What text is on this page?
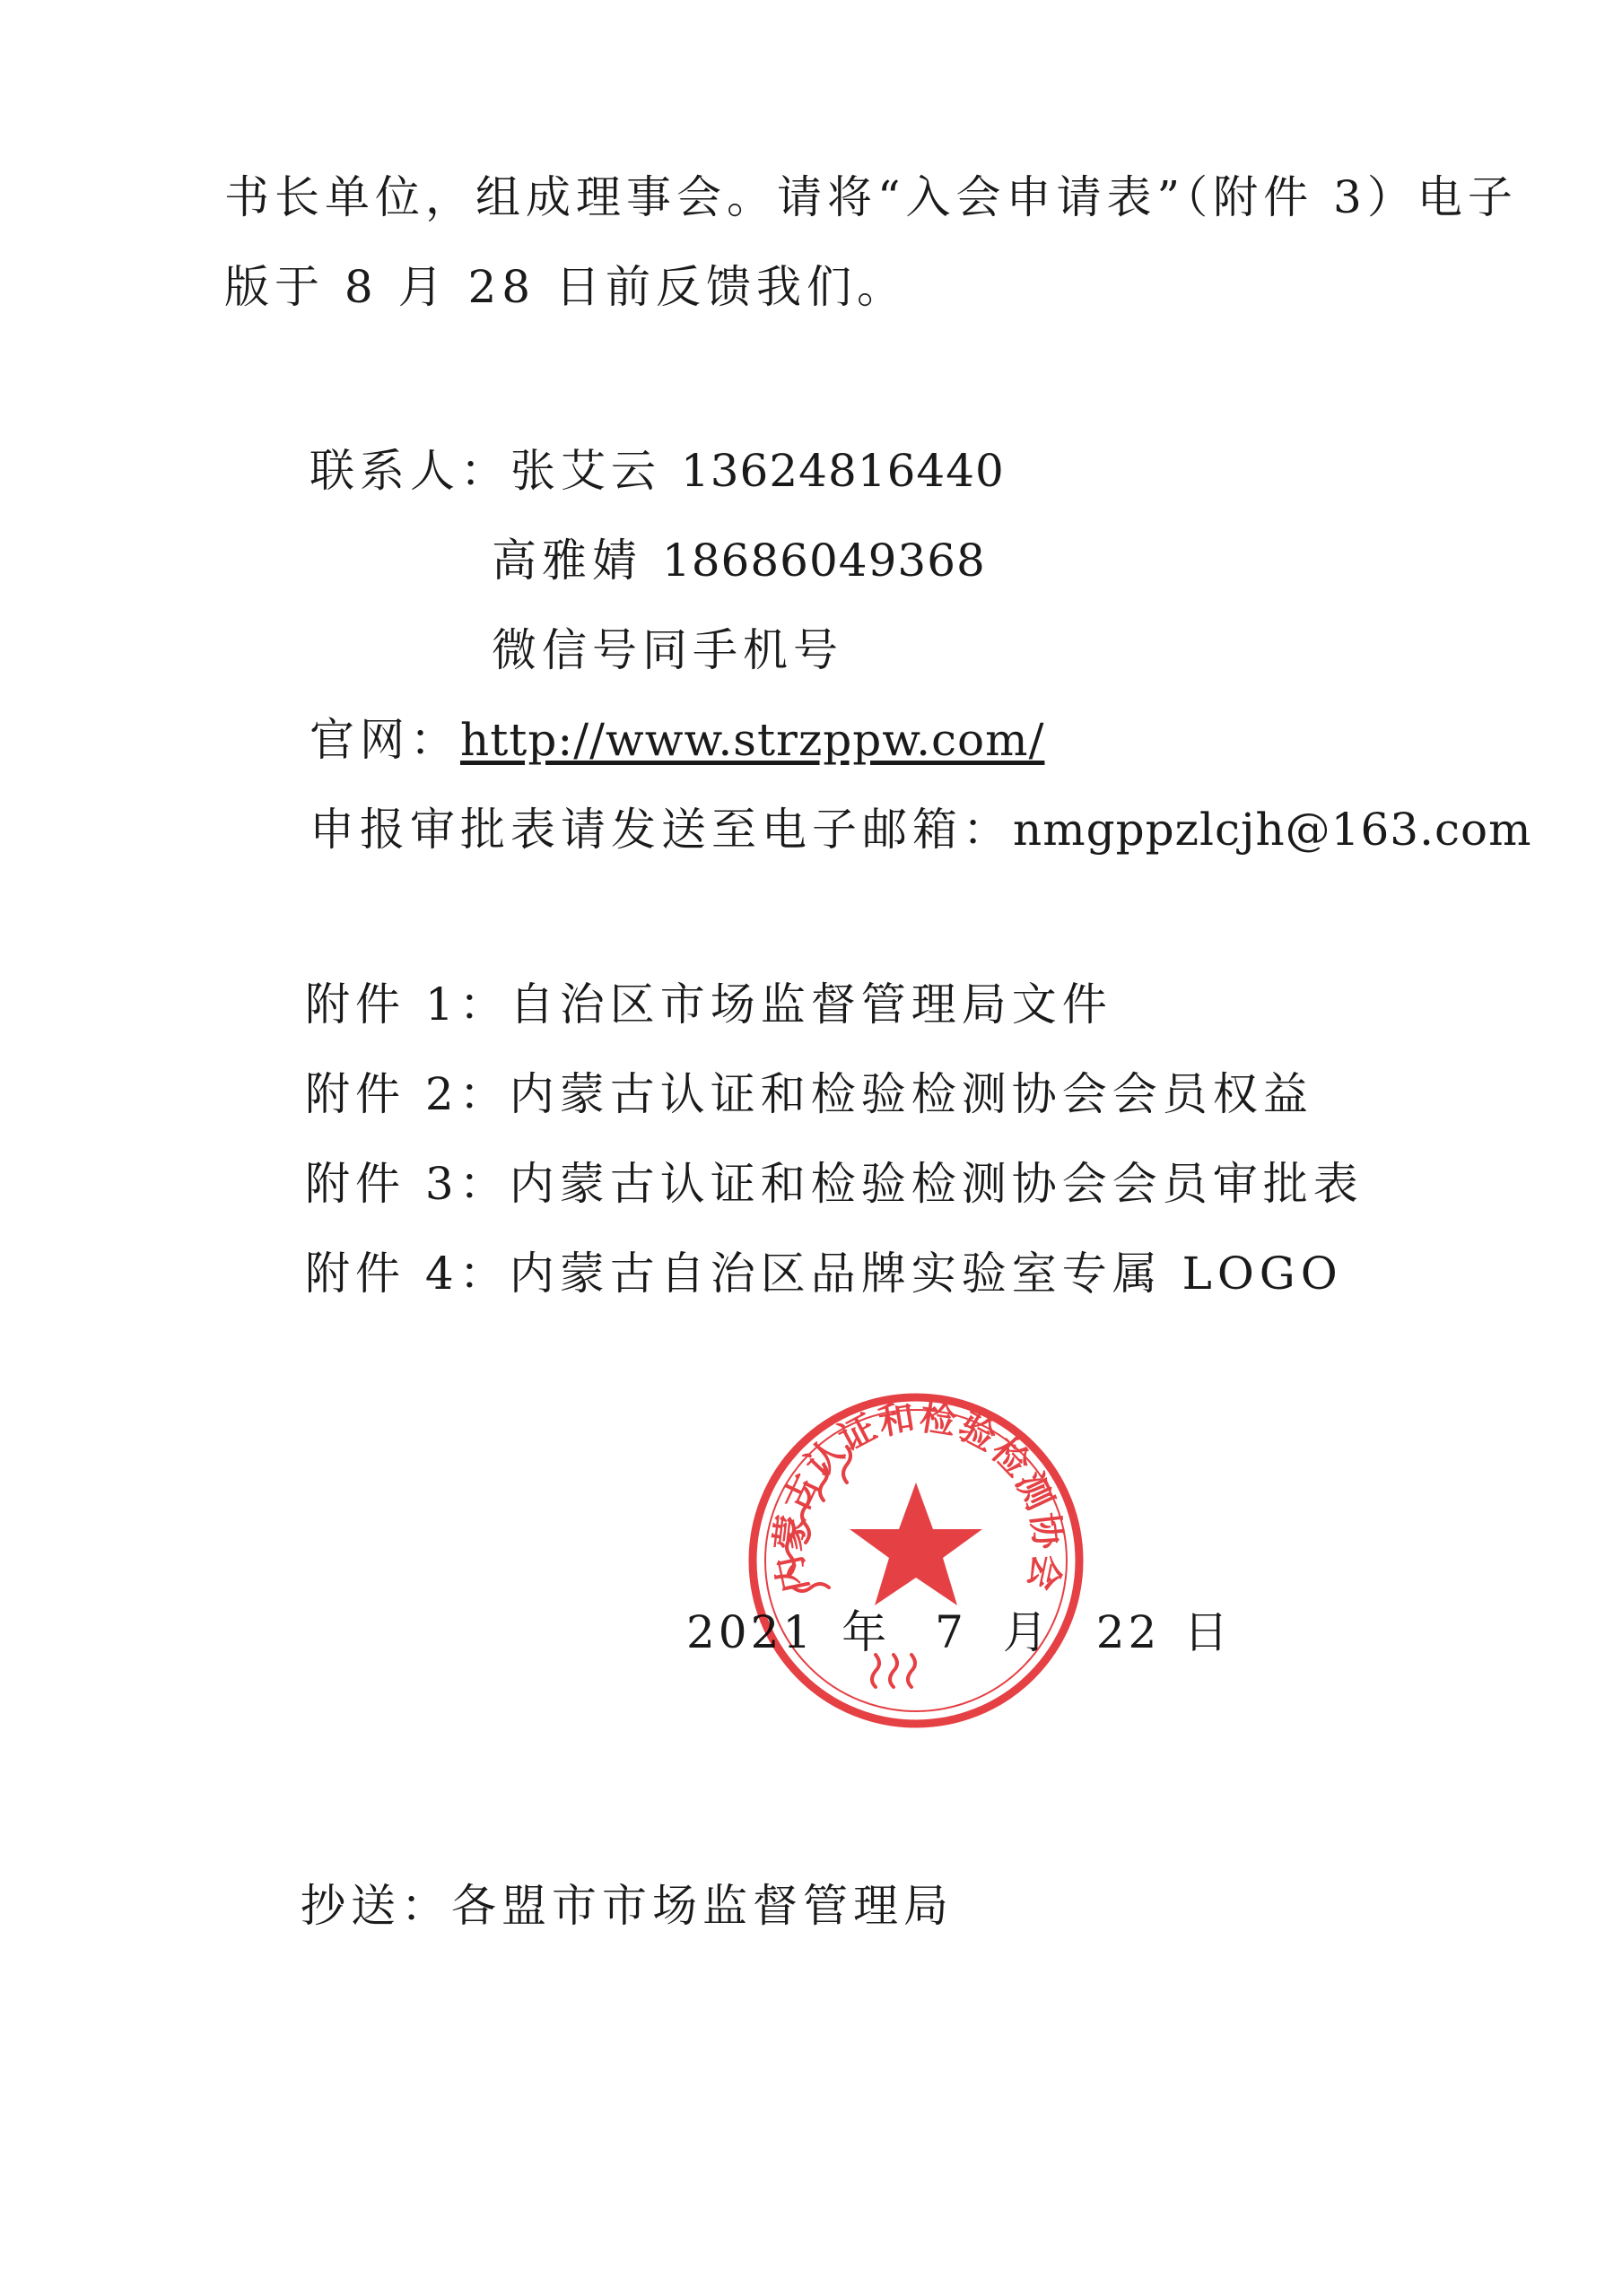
书长单位，组成理事会。请将“入会申请表”（附件 3）电子
版于 8 月 28 日前反馈我们。
联系人：张艾云 13624816440
高雅婧 18686049368
微信号同手机号
官网：http://www.strzppw.com/
申报审批表请发送至电子邮箱：nmgppzlcjh@163.com
附件 1：自治区市场监督管理局文件
附件 2：内蒙古认证和检验检测协会会员权益
附件 3：内蒙古认证和检验检测协会会员审批表
附件 4：内蒙古自治区品牌实验室专属 LOGO
2021 年 7 月 22 日
内蒙古认证和检验检测协会
抄送：各盟市市场监督管理局
